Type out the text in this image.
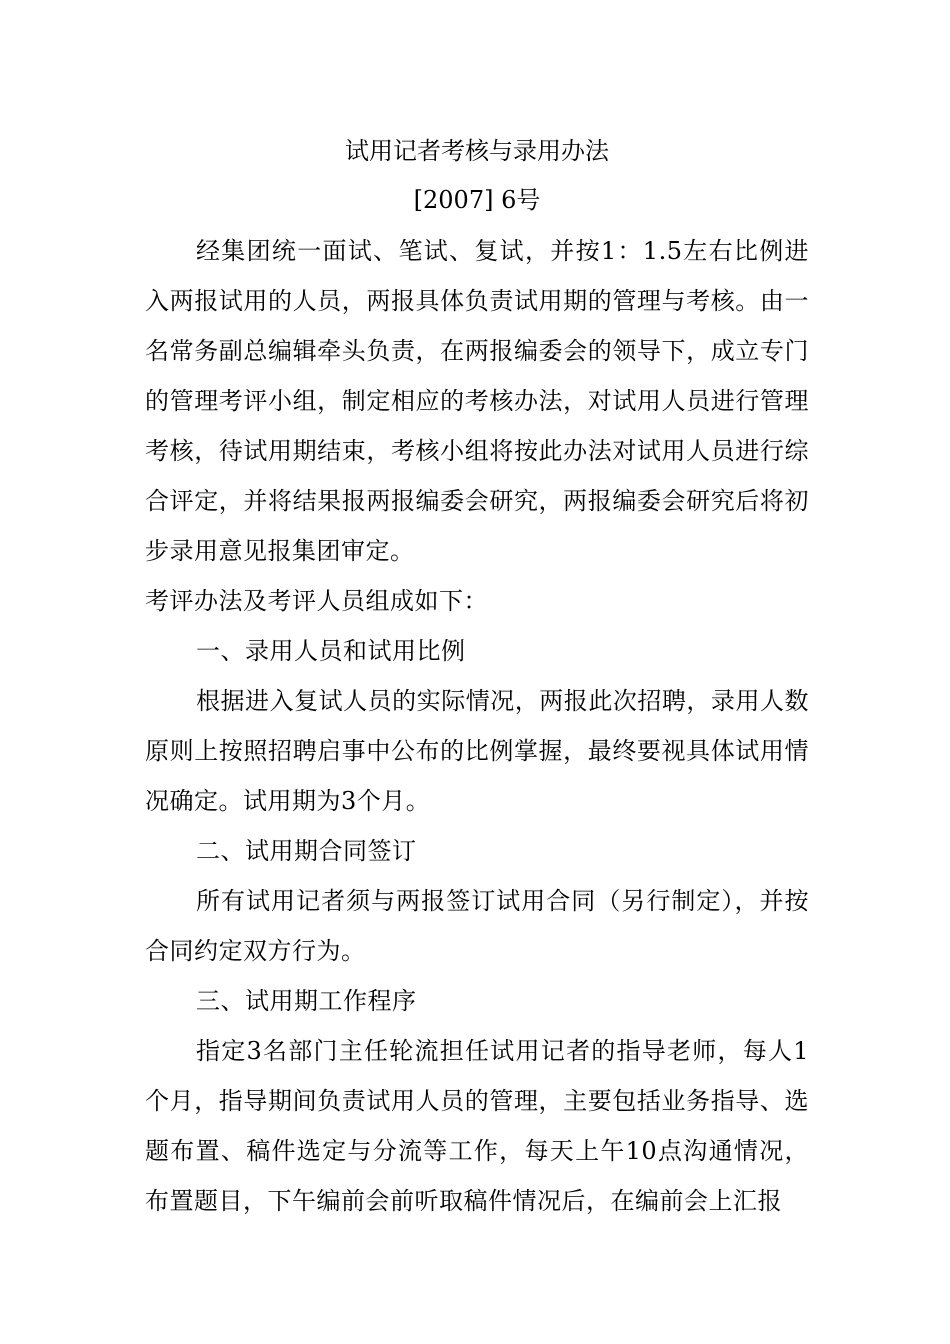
试用记者考核与录用办法

[2007] 6号

经集团统一面试、笔试、复试，并按1：1.5左右比例进入两报试用的人员，两报具体负责试用期的管理与考核。由一名常务副总编辑牵头负责，在两报编委会的领导下，成立专门的管理考评小组，制定相应的考核办法，对试用人员进行管理考核，待试用期结束，考核小组将按此办法对试用人员进行综合评定，并将结果报两报编委会研究，两报编委会研究后将初步录用意见报集团审定。

考评办法及考评人员组成如下：

一、录用人员和试用比例

根据进入复试人员的实际情况，两报此次招聘，录用人数原则上按照招聘启事中公布的比例掌握，最终要视具体试用情况确定。试用期为3个月。

二、试用期合同签订

所有试用记者须与两报签订试用合同（另行制定），并按合同约定双方行为。

三、试用期工作程序

指定3名部门主任轮流担任试用记者的指导老师，每人1个月，指导期间负责试用人员的管理，主要包括业务指导、选题布置、稿件选定与分流等工作，每天上午10点沟通情况，布置题目，下午编前会前听取稿件情况后，在编前会上汇报
